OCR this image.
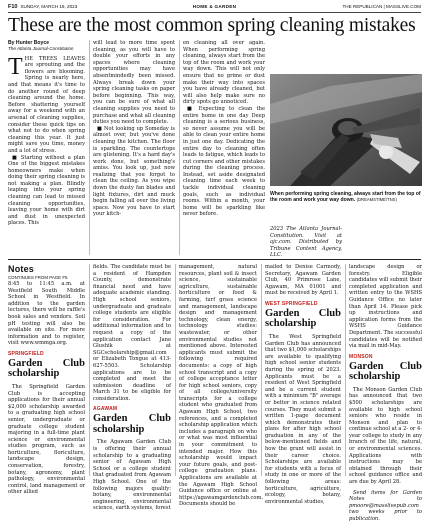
F10 SUNDAY, MARCH 19, 2023	HOME & GARDEN	THE REPUBLICAN | MASSLIVE.COM
These are the most common spring cleaning mistakes
By Hunter Boyce
The Atlanta Journal-Constitution

THE TREES LEAVES are sprouting and the flowers are blooming. Spring is nearly here, and that means it's time to do another round of deep cleaning around the home. Before shattering yourself away for a weekend with an arsenal of cleaning supplies, consider these quick tips on what not to do when spring cleaning this year. It just might save you time, money and a lot of stress.

■ Starting without a plan One of the biggest mistakes homeowners make when doing their spring cleaning is not making a plan. Blindly leaping into your spring cleaning can lead to missed cleaning opportunities, leaving your home with dirt and dust in unexpected places. This

will lead to more time spent cleaning, as you will have to double your efforts in any spaces where cleaning opportunities may have absentmindedly been missed. Always break down your spring cleaning tasks on paper before beginning. This way, you can be sure of what all cleaning supplies you need to purchase and what all cleaning duties you need to complete.

■ Not looking up Someday is almost over, but you've done cleaning the kitchen. The floor is sparkling. The countertops are glistening. It's a hard day's work done, but something's amiss. You look up, just now realizing that you forgot to clean the ceiling. As you wipe down the dusty fan blades and light fixtures, dirt and muck begin falling all over the living space. Now you have to start your kitch-

en cleaning all over again. When performing spring cleaning, always start from the top of the room and work your way down. This will not only ensure that no grime or dust make their way into spaces you have already cleaned, but will also help make sure no dirty spots go unnoticed.

■ Expecting to clean the entire home in one day Deep cleaning is a serious business, so never assume you will be able to clean your entire home in just one day. Dedicating the entire day to cleaning often leads to fatigue, which leads to cut corners and other mistakes during the cleaning process. Instead, set aside designated cleaning time each week to tackle individual cleaning goals, such as individual rooms. Within a month, your home will be sparkling like never before.

When performing spring cleaning, always start from the top of the room and work your way down. (DREAMSTIME/TNS)
2023 The Atlanta Journal-Constitution. Visit at ajc.com. Distributed by Tribune Content Agency, LLC.
Notes
CONTINUES FROM PAGE F5

8:45 to 11:45 a.m. at Westfield South Middle School in Westfield. In addition to the garden lectures, there will be raffle's book sales and vendors. Soil pH testing will also be available on site. For more information and to register, visit www.wmmga.org.

SPRINGFIELD
Garden Club scholarship

The Springfield Garden Club is accepting applications for their annual $2,000 scholarship awarded to a graduating high school senior, undergraduate or graduate college student majoring in a full-time plant science or environmental studies program, such as horticulture, floriculture, landscape design, conservation, forestry, botany, agronomy, plant pathology, environmental control, land management or other allied

fields. The candidate must be a resident of Hampden County, demonstrate financial need and have adequate academic standing. High school seniors, undergraduate and graduate college students are eligible for consideration. For additional information and to request a copy of the application contact Jane Glushik at SGCscholarship@gmail.com or Elizabeth Tongue at 413-627-5503. Scholarship applications are to be completed and meet the submission deadline of March 31 to be eligible for consideration.

AGAWAM
Garden Club scholarship

The Agawam Garden Club is offering their annual scholarship to a graduating senior of Agawam High School or a college student that graduated from Agawam High School. One of the following majors qualify: botany, environmental engineering, environmental science, earth systems, forest

management, natural resources, plant soil & insect science, sustainable agriculture, sustainable horticulture or food & farming, turf grass science and management, landscape design and management technology, clean energy, technology studies: wastewater, or other environmental studies not mentioned above. Interested applicants must submit the following required documents: a copy of high school transcript and a copy of college acceptance letter for high school seniors, copy of all college/university transcripts for a college student who graduated from Agawam High School, two references, and a completed scholarship application which includes a paragraph on who or what was most influential in your commitment to intended major. How this scholarship would impact your future goals, and post-college graduation plans. Applications are available at the Agawam High School Guidance office or online at https://agawamgardenclub.com. Documents should be

mailed to Denise Carmody, Secretary, Agawam Garden Club, 40 Primrose Lane, Agawam, MA 01001 and must be received by April 1.

WEST SPRINGFIELD
Garden Club scholarship

The West Springfield Garden Club has announced that two $1,000 scholarships are available to qualifying high school senior students during the spring of 2023. Applicants must be a resident of West Springfield and be a current student with a minimum "B" average or better in science related courses. They must submit a written 1-page document which demonstrates their plans for after high school graduation in any of the below-mentioned fields and how the grant will assist in their career choice. Scholarships are available for students with a focus of study in one or more of the following areas: horticulture, agriculture, ecology, botany, environmental studies,

landscape design or forestry. Eligible candidates will submit their completed application and written entry to the WSHS Guidance Office no later than April 14. Please pick up instructions and application forms from the WSHS Guidance Department. The successful candidates will be notified via mail in mid-May.

MONSON
Garden Club scholarship

The Monson Garden Club has announced that two $500 scholarships are available to high school seniors who reside in Monson and plan to continue school at a 2- or 4-year college to study in any branch of the life, natural, or environmental sciences. Applications with instructions may be obtained through their school guidance office and are due by April 28.

Send items for Garden Notes to pmoore@masslivepub.com two weeks prior to publication.
